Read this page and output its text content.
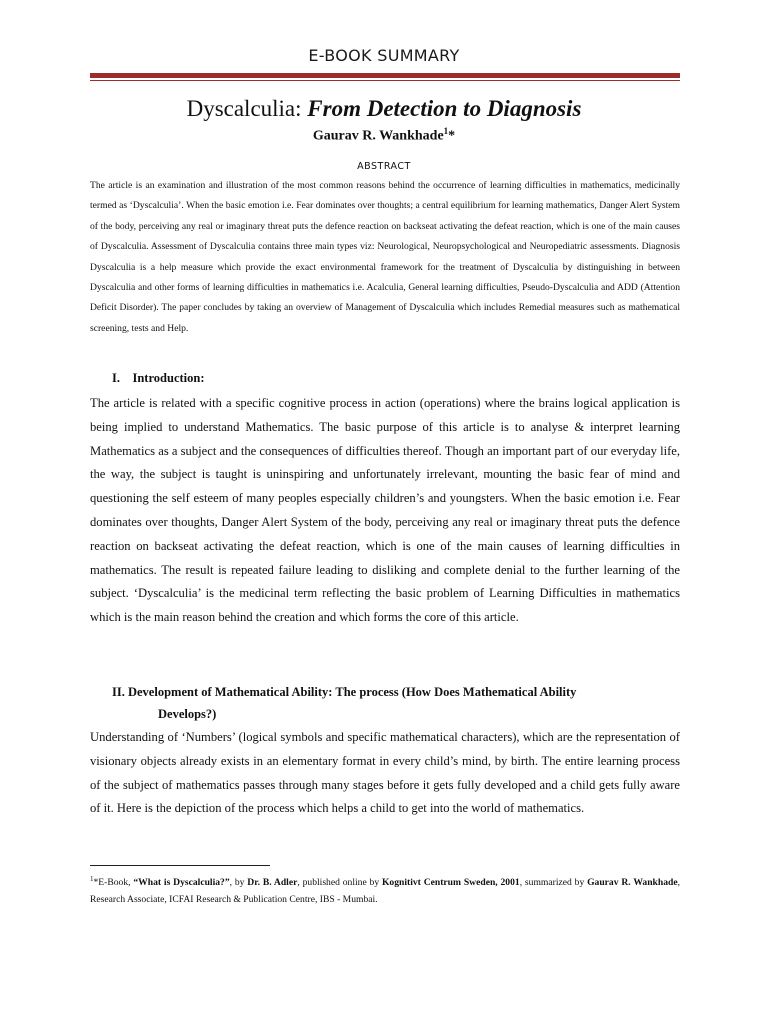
E-BOOK SUMMARY
Dyscalculia: From Detection to Diagnosis
Gaurav R. Wankhade$^1$*
ABSTRACT
The article is an examination and illustration of the most common reasons behind the occurrence of learning difficulties in mathematics, medicinally termed as ‘Dyscalculia’. When the basic emotion i.e. Fear dominates over thoughts; a central equilibrium for learning mathematics, Danger Alert System of the body, perceiving any real or imaginary threat puts the defence reaction on backseat activating the defeat reaction, which is one of the main causes of Dyscalculia. Assessment of Dyscalculia contains three main types viz: Neurological, Neuropsychological and Neuropediatric assessments. Diagnosis Dyscalculia is a help measure which provide the exact environmental framework for the treatment of Dyscalculia by distinguishing in between Dyscalculia and other forms of learning difficulties in mathematics i.e. Acalculia, General learning difficulties, Pseudo-Dyscalculia and ADD (Attention Deficit Disorder). The paper concludes by taking an overview of Management of Dyscalculia which includes Remedial measures such as mathematical screening, tests and Help.
I.    Introduction:
The article is related with a specific cognitive process in action (operations) where the brains logical application is being implied to understand Mathematics. The basic purpose of this article is to analyse & interpret learning Mathematics as a subject and the consequences of difficulties thereof. Though an important part of our everyday life, the way, the subject is taught is uninspiring and unfortunately irrelevant, mounting the basic fear of mind and questioning the self esteem of many peoples especially children’s and youngsters. When the basic emotion i.e. Fear dominates over thoughts, Danger Alert System of the body, perceiving any real or imaginary threat puts the defence reaction on backseat activating the defeat reaction, which is one of the main causes of learning difficulties in mathematics. The result is repeated failure leading to disliking and complete denial to the further learning of the subject. ‘Dyscalculia’ is the medicinal term reflecting the basic problem of Learning Difficulties in mathematics which is the main reason behind the creation and which forms the core of this article.
II. Development of Mathematical Ability: The process (How Does Mathematical Ability
Develops?)
Understanding of ‘Numbers’ (logical symbols and specific mathematical characters), which are the representation of visionary objects already exists in an elementary format in every child’s mind, by birth. The entire learning process of the subject of mathematics passes through many stages before it gets fully developed and a child gets fully aware of it. Here is the depiction of the process which helps a child to get into the world of mathematics.
$^1$*E-Book, “What is Dyscalculia?”, by Dr. B. Adler, published online by Kognitivt Centrum Sweden, 2001, summarized by Gaurav R. Wankhade, Research Associate, ICFAI Research & Publication Centre, IBS - Mumbai.
